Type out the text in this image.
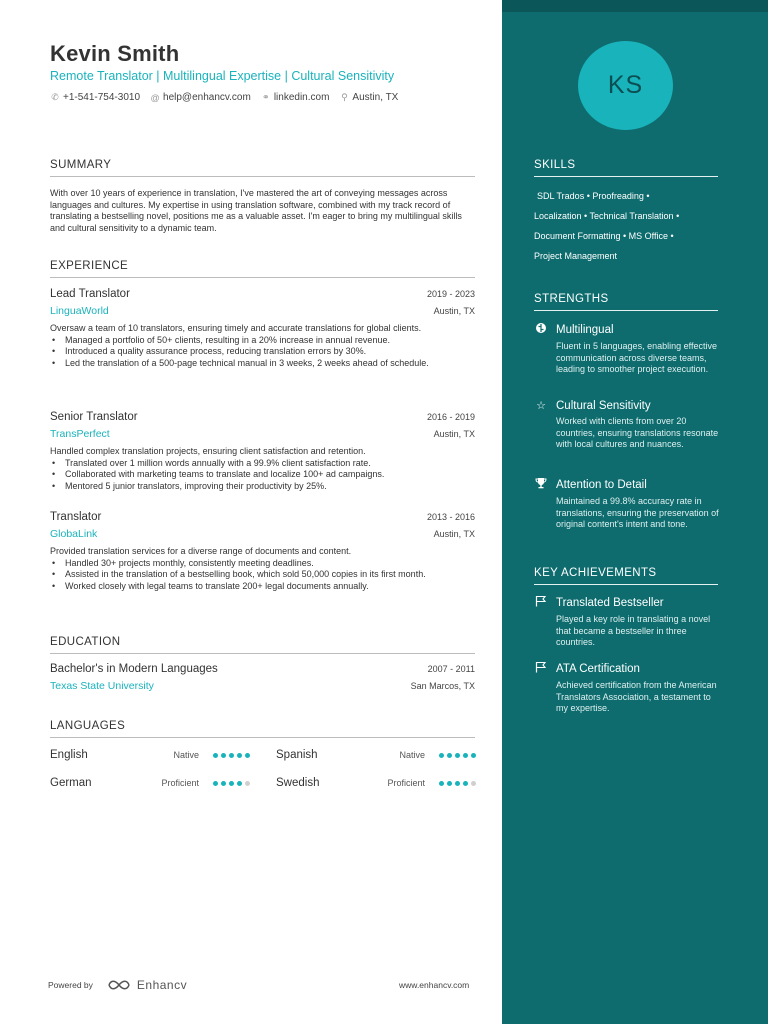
Kevin Smith
Remote Translator | Multilingual Expertise | Cultural Sensitivity
✆ +1-541-754-3010 @ help@enhancv.com ⚭ linkedin.com ⚲ Austin, TX
SUMMARY
With over 10 years of experience in translation, I've mastered the art of conveying messages across languages and cultures. My expertise in using translation software, combined with my track record of translating a bestselling novel, positions me as a valuable asset. I'm eager to bring my multilingual skills and cultural sensitivity to a dynamic team.
EXPERIENCE
Lead Translator	2019 - 2023
LinguaWorld	Austin, TX
Oversaw a team of 10 translators, ensuring timely and accurate translations for global clients.
• Managed a portfolio of 50+ clients, resulting in a 20% increase in annual revenue.
• Introduced a quality assurance process, reducing translation errors by 30%.
• Led the translation of a 500-page technical manual in 3 weeks, 2 weeks ahead of schedule.
Senior Translator	2016 - 2019
TransPerfect	Austin, TX
Handled complex translation projects, ensuring client satisfaction and retention.
• Translated over 1 million words annually with a 99.9% client satisfaction rate.
• Collaborated with marketing teams to translate and localize 100+ ad campaigns.
• Mentored 5 junior translators, improving their productivity by 25%.
Translator	2013 - 2016
GlobaLink	Austin, TX
Provided translation services for a diverse range of documents and content.
• Handled 30+ projects monthly, consistently meeting deadlines.
• Assisted in the translation of a bestselling book, which sold 50,000 copies in its first month.
• Worked closely with legal teams to translate 200+ legal documents annually.
EDUCATION
Bachelor's in Modern Languages	2007 - 2011
Texas State University	San Marcos, TX
LANGUAGES
English	Native	Spanish	Native
German	Proficient	Swedish	Proficient
Powered by	Enhancv	www.enhancv.com
KS
SKILLS
SDL Trados • Proofreading •
Localization • Technical Translation •
Document Formatting • MS Office •
Project Management
STRENGTHS
Multilingual
Fluent in 5 languages, enabling effective communication across diverse teams, leading to smoother project execution.
☆ Cultural Sensitivity
Worked with clients from over 20 countries, ensuring translations resonate with local cultures and nuances.
Attention to Detail
Maintained a 99.8% accuracy rate in translations, ensuring the preservation of original content's intent and tone.
KEY ACHIEVEMENTS
Translated Bestseller
Played a key role in translating a novel that became a bestseller in three countries.
ATA Certification
Achieved certification from the American Translators Association, a testament to my expertise.
